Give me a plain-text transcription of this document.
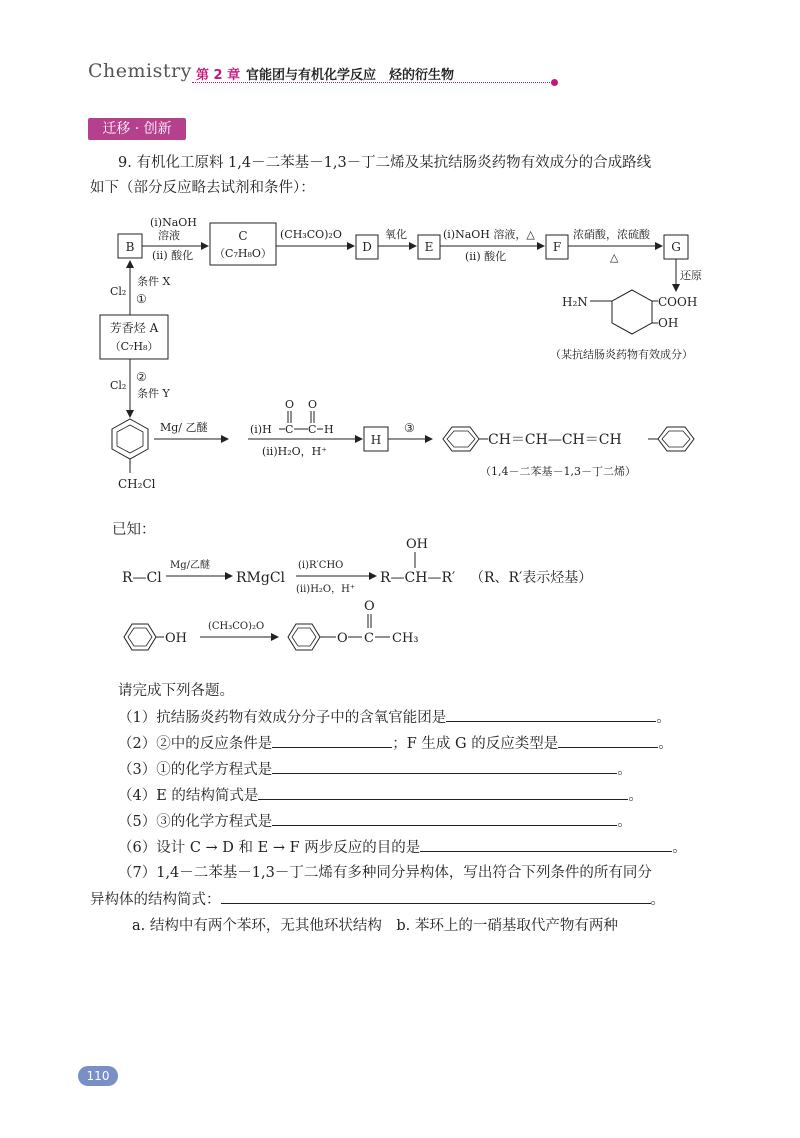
Chemistry 第 2 章 官能团与有机化学反应　烃的衍生物
迁移 · 创新
9. 有机化工原料 1,4－二苯基－1,3－丁二烯及某抗结肠炎药物有效成分的合成路线
如下（部分反应略去试剂和条件）：
B
C
（C₇H₈O）	D	E	F	G
(i)NaOH
溶液
(ii) 酸化
(CH₃CO)₂O	氧化	(i)NaOH 溶液，△
(ii) 酸化
浓硝酸，浓硫酸
△
还原
H₂N	COOH
OH
（某抗结肠炎药物有效成分）
芳香烃 A
（C₇H₈）
Cl₂
条件 X
①
Cl₂
②
条件 Y
CH₂Cl
Mg/ 乙醚	(i)H C C H
O O
(ii)H₂O，H⁺
H
③
CH＝CH—CH＝CH
（1,4－二苯基－1,3－丁二烯）
已知：
R—Cl
Mg/乙醚
RMgCl
(i)R′CHO
(ii)H₂O，H⁺
OH
R—CH—R′ （R、R′表示烃基）
OH
(CH₃CO)₂O
O C
O
CH₃
请完成下列各题。
（1）抗结肠炎药物有效成分分子中的含氧官能团是	。
（2）②中的反应条件是	；F 生成 G 的反应类型是	。
（3）①的化学方程式是	。
（4）E 的结构简式是	。
（5）③的化学方程式是	。
（6）设计 C → D 和 E → F 两步反应的目的是	。
（7）1,4－二苯基－1,3－丁二烯有多种同分异构体，写出符合下列条件的所有同分
异构体的结构简式：	。
a. 结构中有两个苯环，无其他环状结构　b. 苯环上的一硝基取代产物有两种
110
